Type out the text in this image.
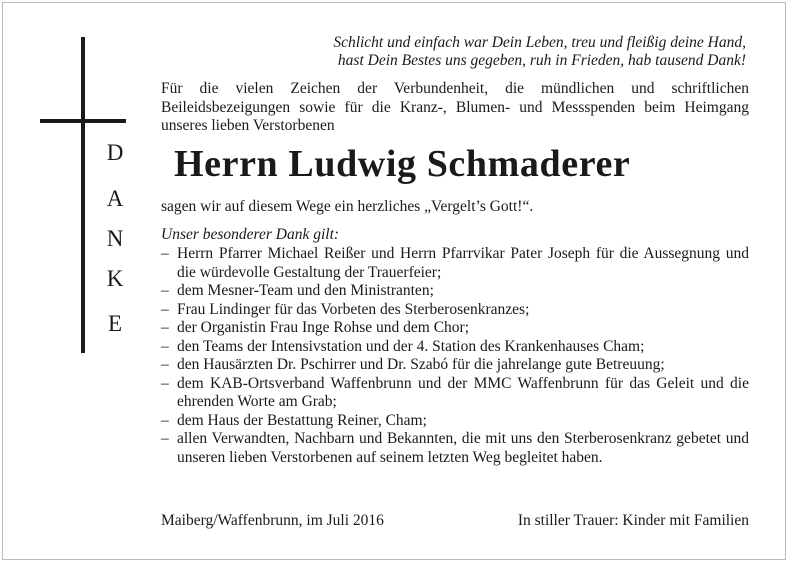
D
A
N
K
E
Schlicht und einfach war Dein Leben, treu und fleißig deine Hand,
hast Dein Bestes uns gegeben, ruh in Frieden, hab tausend Dank!
Für die vielen Zeichen der Verbundenheit, die mündlichen und schriftlichen Beileidsbezeigungen sowie für die Kranz-, Blumen- und Messspenden beim Heimgang unseres lieben Verstorbenen
Herrn Ludwig Schmaderer
sagen wir auf diesem Wege ein herzliches „Vergelt’s Gott!“.
Unser besonderer Dank gilt:
– Herrn Pfarrer Michael Reißer und Herrn Pfarrvikar Pater Joseph für die Aussegnung und die würdevolle Gestaltung der Trauerfeier;
– dem Mesner-Team und den Ministranten;
– Frau Lindinger für das Vorbeten des Sterberosenkranzes;
– der Organistin Frau Inge Rohse und dem Chor;
– den Teams der Intensivstation und der 4. Station des Krankenhauses Cham;
– den Hausärzten Dr. Pschirrer und Dr. Szabó für die jahrelange gute Betreuung;
– dem KAB-Ortsverband Waffenbrunn und der MMC Waffenbrunn für das Geleit und die ehrenden Worte am Grab;
– dem Haus der Bestattung Reiner, Cham;
– allen Verwandten, Nachbarn und Bekannten, die mit uns den Sterberosenkranz gebetet und unseren lieben Verstorbenen auf seinem letzten Weg begleitet haben.
Maiberg/Waffenbrunn, im Juli 2016	In stiller Trauer: Kinder mit Familien
